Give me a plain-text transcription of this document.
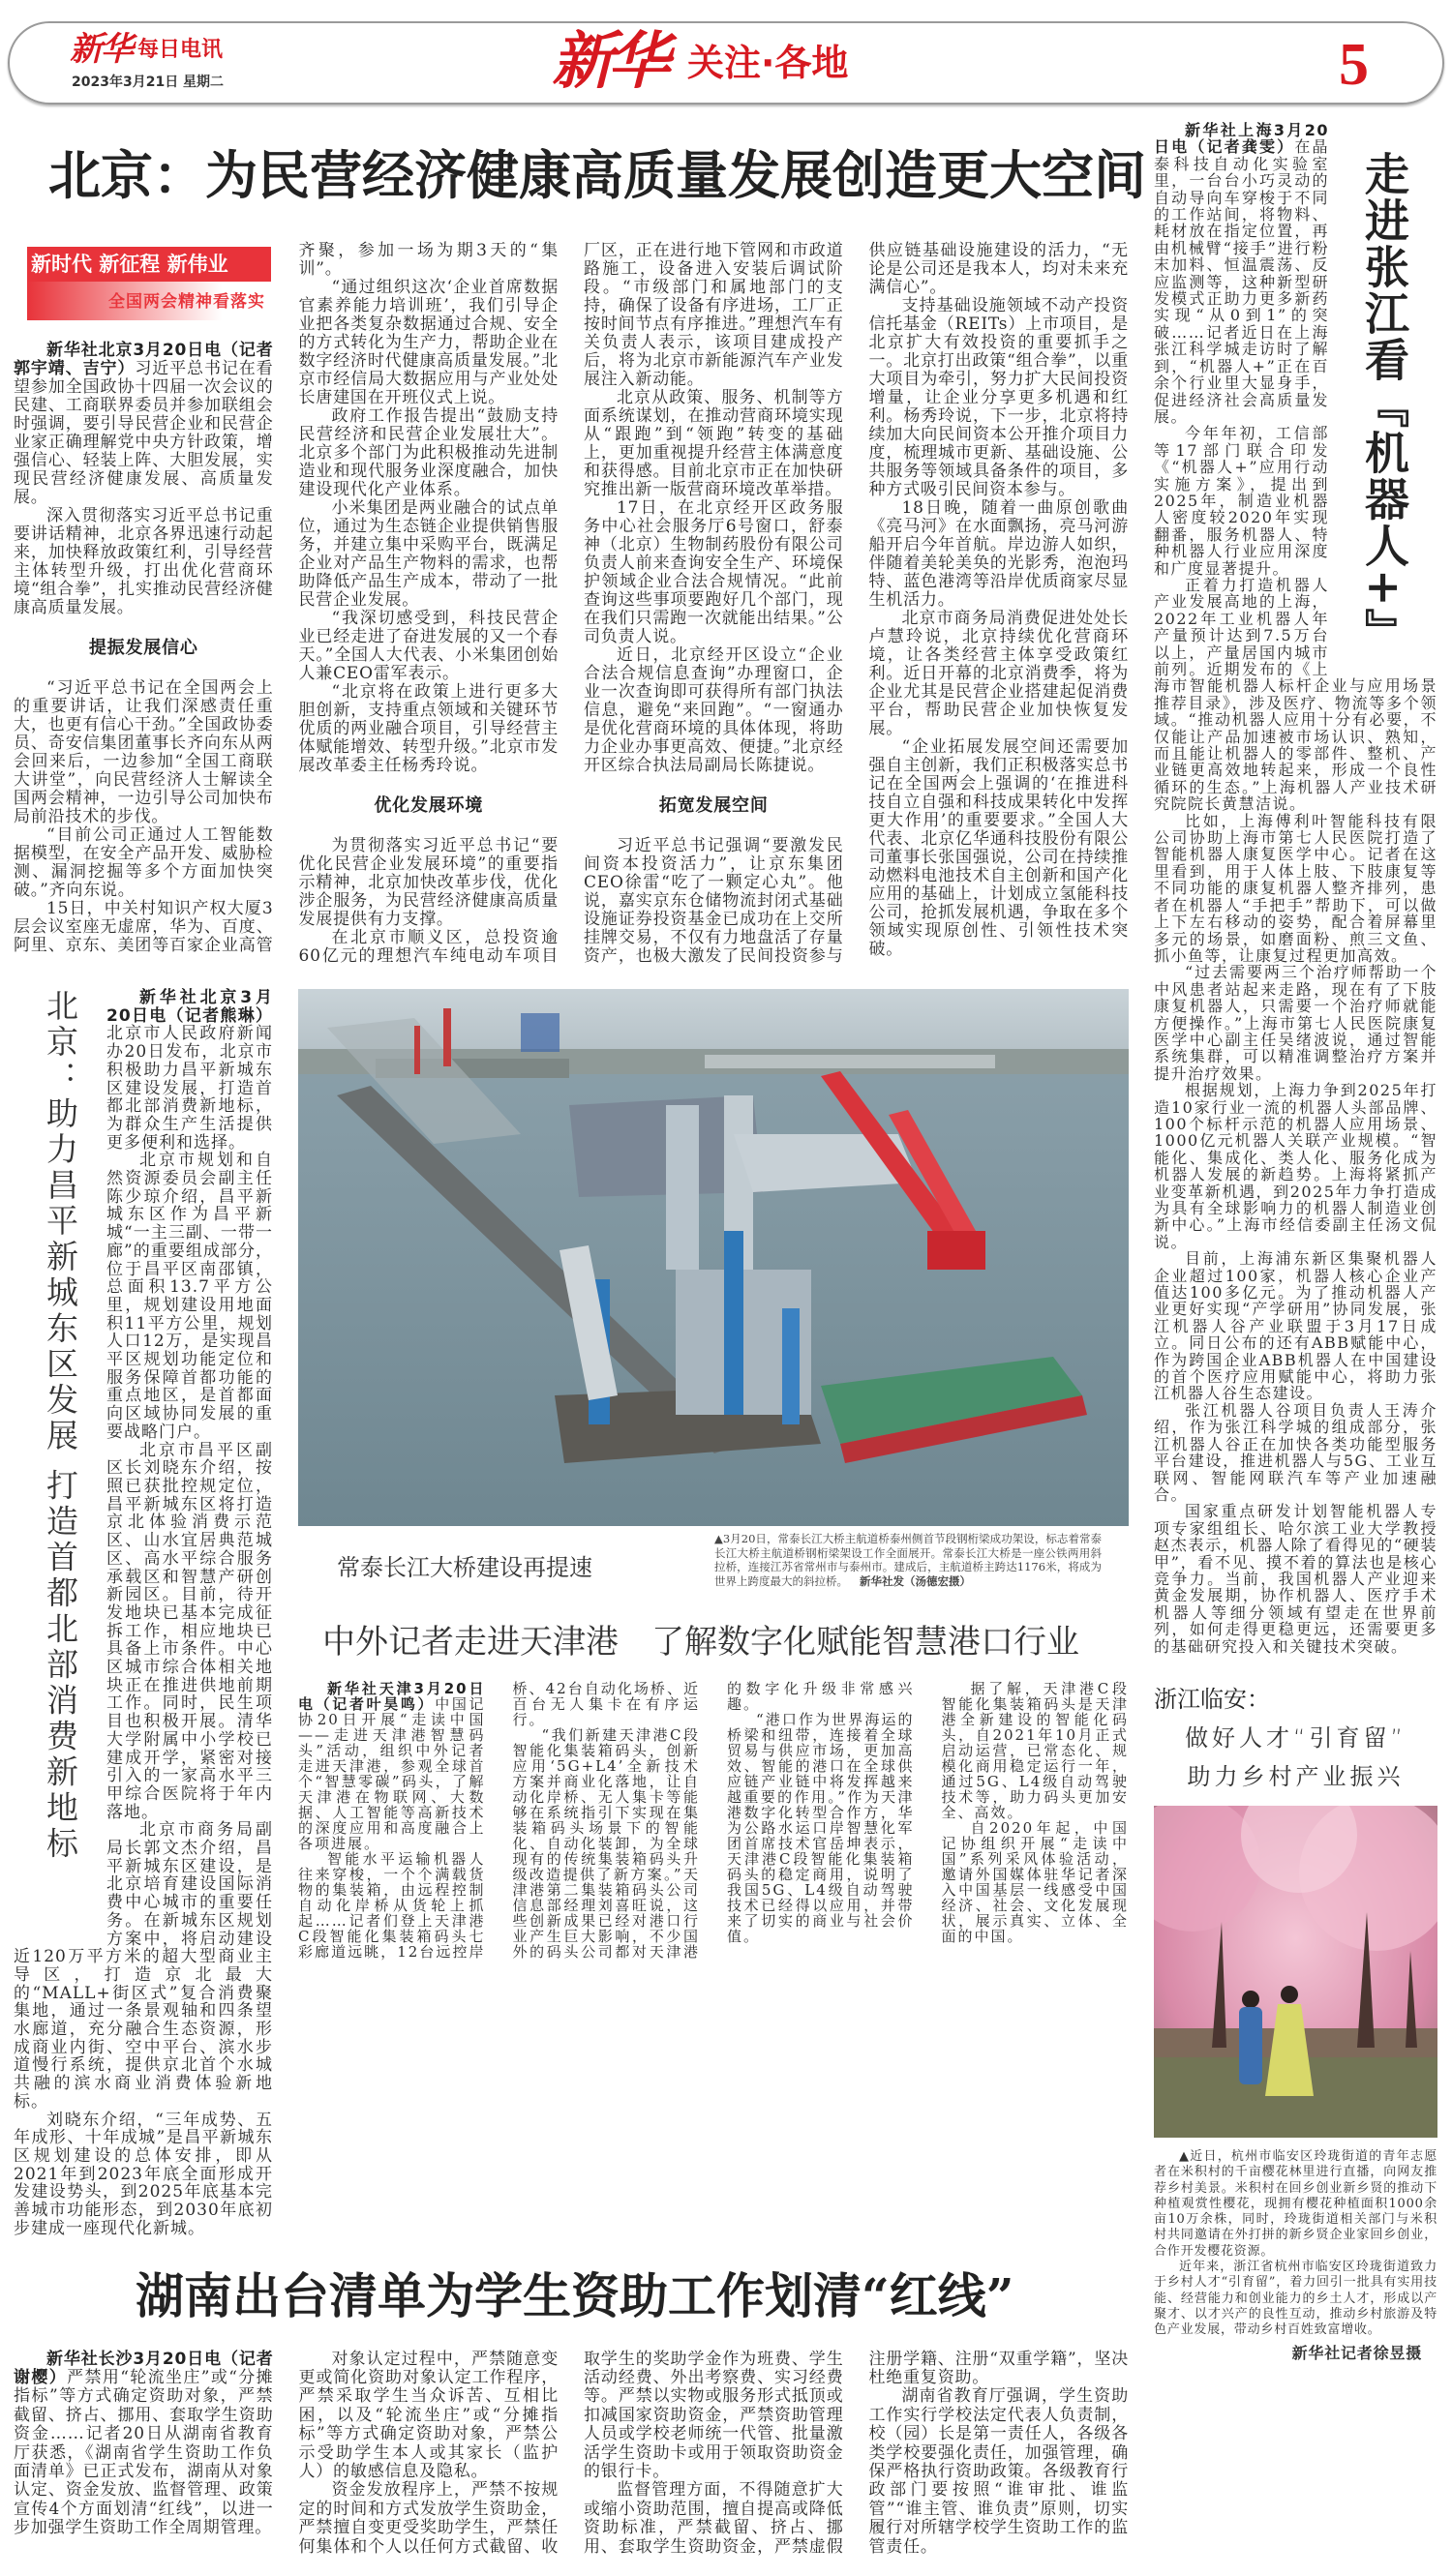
新华 每日电讯
2023年3月21日 星期二	新华 关注·各地	5
北京：为民营经济健康高质量发展创造更大空间
新时代 新征程 新伟业
全国两会精神看落实

新华社北京3月20日电（记者郭宇靖、吉宁）习近平总书记在看望参加全国政协十四届一次会议的民建、工商联界委员并参加联组会时强调，要引导民营企业和民营企业家正确理解党中央方针政策，增强信心、轻装上阵、大胆发展，实现民营经济健康发展、高质量发展。

深入贯彻落实习近平总书记重要讲话精神，北京各界迅速行动起来，加快释放政策红利，引导经营主体转型升级，打出优化营商环境“组合拳”，扎实推动民营经济健康高质量发展。

提振发展信心

“习近平总书记在全国两会上的重要讲话，让我们深感责任重大，也更有信心干劲。”全国政协委员、奇安信集团董事长齐向东从两会回来后，一边参加“全国工商联大讲堂”，向民营经济人士解读全国两会精神，一边引导公司加快布局前沿技术的步伐。

“目前公司正通过人工智能数据模型，在安全产品开发、威胁检测、漏洞挖掘等多个方面加快突破。”齐向东说。

15日，中关村知识产权大厦3层会议室座无虚席，华为、百度、阿里、京东、美团等百家企业高管齐聚，参加一场为期3天的“集训”。

“通过组织这次‘企业首席数据官素养能力培训班’，我们引导企业把各类复杂数据通过合规、安全的方式转化为生产力，帮助企业在数字经济时代健康高质量发展。”北京市经信局大数据应用与产业处处长唐建国在开班仪式上说。

政府工作报告提出“鼓励支持民营经济和民营企业发展壮大”。北京多个部门为此积极推动先进制造业和现代服务业深度融合，加快建设现代化产业体系。

小米集团是两业融合的试点单位，通过为生态链企业提供销售服务，并建立集中采购平台，既满足企业对产品生产物料的需求，也帮助降低产品生产成本，带动了一批民营企业发展。

“我深切感受到，科技民营企业已经走进了奋进发展的又一个春天。”全国人大代表、小米集团创始人兼CEO雷军表示。

“北京将在政策上进行更多大胆创新，支持重点领域和关键环节优质的两业融合项目，引导经营主体赋能增效、转型升级。”北京市发展改革委主任杨秀玲说。

优化发展环境

为贯彻落实习近平总书记“要优化民营企业发展环境”的重要指示精神，北京加快改革步伐，优化涉企服务，为民营经济健康高质量发展提供有力支撑。

在北京市顺义区，总投资逾60亿元的理想汽车纯电动车项目厂区，正在进行地下管网和市政道路施工，设备进入安装后调试阶段。“市级部门和属地部门的支持，确保了设备有序进场，工厂正按时间节点有序推进。”理想汽车有关负责人表示，该项目建成投产后，将为北京市新能源汽车产业发展注入新动能。

北京从政策、服务、机制等方面系统谋划，在推动营商环境实现从“跟跑”到“领跑”转变的基础上，更加重视提升经营主体满意度和获得感。目前北京市正在加快研究推出新一版营商环境改革举措。

17日，在北京经开区政务服务中心社会服务厅6号窗口，舒泰神（北京）生物制药股份有限公司负责人前来查询安全生产、环境保护领域企业合法合规情况。“此前查询这些事项要跑好几个部门，现在我们只需跑一次就能出结果。”公司负责人说。

近日，北京经开区设立“企业合法合规信息查询”办理窗口，企业一次查询即可获得所有部门执法信息，避免“来回跑”。“一窗通办是优化营商环境的具体体现，将助力企业办事更高效、便捷。”北京经开区综合执法局副局长陈捷说。

拓宽发展空间

习近平总书记强调“要激发民间资本投资活力”，让京东集团CEO徐雷“吃了一颗定心丸”。他说，嘉实京东仓储物流封闭式基础设施证券投资基金已成功在上交所挂牌交易，不仅有力地盘活了存量资产，也极大激发了民间投资参与供应链基础设施建设的活力，“无论是公司还是我本人，均对未来充满信心”。

支持基础设施领域不动产投资信托基金（REITs）上市项目，是北京扩大有效投资的重要抓手之一。北京打出政策“组合拳”，以重大项目为牵引，努力扩大民间投资增量，让企业分享更多机遇和红利。杨秀玲说，下一步，北京将持续加大向民间资本公开推介项目力度，梳理城市更新、基础设施、公共服务等领域具备条件的项目，多种方式吸引民间资本参与。

18日晚，随着一曲原创歌曲《亮马河》在水面飘扬，亮马河游船开启今年首航。岸边游人如织，伴随着美轮美奂的光影秀，泡泡玛特、蓝色港湾等沿岸优质商家尽显生机活力。

北京市商务局消费促进处处长卢慧玲说，北京持续优化营商环境，让各类经营主体享受政策红利。近日开幕的北京消费季，将为企业尤其是民营企业搭建起促消费平台，帮助民营企业加快恢复发展。

“企业拓展发展空间还需要加强自主创新，我们正积极落实总书记在全国两会上强调的‘在推进科技自立自强和科技成果转化中发挥更大作用’的重要要求。”全国人大代表、北京亿华通科技股份有限公司董事长张国强说，公司在持续推动燃料电池技术自主创新和国产化应用的基础上，计划成立氢能科技公司，抢抓发展机遇，争取在多个领域实现原创性、引领性技术突破。

北京：助力昌平新城东区发展 打造首都北部消费新地标	新华社北京3月20日电（记者熊琳）北京市人民政府新闻办20日发布，北京市积极助力昌平新城东区建设发展，打造首都北部消费新地标，为群众生产生活提供更多便利和选择。

北京市规划和自然资源委员会副主任陈少琼介绍，昌平新城东区作为昌平新城“一主三副、一带一廊”的重要组成部分，位于昌平区南邵镇，总面积13.7平方公里，规划建设用地面积11平方公里，规划人口12万，是实现昌平区规划功能定位和服务保障首都功能的重点地区，是首都面向区域协同发展的重要战略门户。

北京市昌平区副区长刘晓东介绍，按照已获批控规定位，昌平新城东区将打造京北体验消费示范区、山水宜居典范城区、高水平综合服务承载区和智慧产研创新园区。目前，待开发地块已基本完成征拆工作，相应地块已具备上市条件。中心区城市综合体相关地块正在推进供地前期工作。同时，民生项目也积极开展。清华大学附属中小学校已建成开学，紧密对接引入的一家高水平三甲综合医院将于年内落地。

北京市商务局副局长郭文杰介绍，昌平新城东区建设，是北京培育建设国际消费中心城市的重要任务。在新城东区规划方案中，将启动建设近120万平方米的超大型商业主导区，打造京北最大的“MALL+街区式”复合消费聚集地，通过一条景观轴和四条望水廊道，充分融合生态资源，形成商业内街、空中平台、滨水步道慢行系统，提供京北首个水城共融的滨水商业消费体验新地标。

刘晓东介绍，“三年成势、五年成形、十年成城”是昌平新城东区规划建设的总体安排，即从2021年到2023年底全面形成开发建设势头，到2025年底基本完善城市功能形态，到2030年底初步建成一座现代化新城。

常泰长江大桥建设再提速
▲3月20日，常泰长江大桥主航道桥泰州侧首节段钢桁梁成功架设，标志着常泰长江大桥主航道桥钢桁梁架设工作全面展开。常泰长江大桥是一座公铁两用斜拉桥，连接江苏省常州市与泰州市。建成后，主航道桥主跨达1176米，将成为世界上跨度最大的斜拉桥。 新华社发（汤德宏摄）
中外记者走进天津港　了解数字化赋能智慧港口行业

新华社天津3月20日电（记者叶昊鸣）中国记协20日开展“走读中国——走进天津港智慧码头”活动，组织中外记者走进天津港，参观全球首个“智慧零碳”码头，了解天津港在物联网、大数据、人工智能等高新技术的深度应用和高度融合上各项进展。

智能水平运输机器人往来穿梭，一个个满载货物的集装箱，由远程控制自动化岸桥从货轮上抓起……记者们登上天津港C段智能化集装箱码头七彩廊道远眺，12台远控岸桥、42台自动化场桥、近百台无人集卡在有序运行。

“我们新建天津港C段智能化集装箱码头，创新应用‘5G+L4’全新技术方案并商业化落地，让自动化岸桥、无人集卡等能够在系统指引下实现在集装箱码头场景下的智能化、自动化装卸，为全球现有的传统集装箱码头升级改造提供了新方案。”天津港第二集装箱码头公司信息部经理刘喜旺说，这些创新成果已经对港口行业产生巨大影响，不少国外的码头公司都对天津港的数字化升级非常感兴趣。

“港口作为世界海运的桥梁和纽带，连接着全球贸易与供应市场，更加高效、智能的港口在全球供应链产业链中将发挥越来越重要的作用。”作为天津港数字化转型合作方，华为公路水运口岸智慧化军团首席技术官岳坤表示，天津港C段智能化集装箱码头的稳定商用，说明了我国5G、L4级自动驾驶技术已经得以应用，并带来了切实的商业与社会价值。

据了解，天津港C段智能化集装箱码头是天津港全新建设的智能化码头，自2021年10月正式启动运营，已常态化、规模化商用稳定运行一年，通过5G、L4级自动驾驶技术等，助力码头更加安全、高效。

自2020年起，中国记协组织开展“走读中国”系列采风体验活动，邀请外国媒体驻华记者深入中国基层一线感受中国经济、社会、文化发展现状，展示真实、立体、全面的中国。

湖南出台清单为学生资助工作划清“红线”

新华社长沙3月20日电（记者谢樱）严禁用“轮流坐庄”或“分摊指标”等方式确定资助对象，严禁截留、挤占、挪用、套取学生资助资金……记者20日从湖南省教育厅获悉，《湖南省学生资助工作负面清单》已正式发布，湖南从对象认定、资金发放、监督管理、政策宣传4个方面划清“红线”，以进一步加强学生资助工作全周期管理。

对象认定过程中，严禁随意变更或简化资助对象认定工作程序，严禁采取学生当众诉苦、互相比困，以及“轮流坐庄”或“分摊指标”等方式确定资助对象，严禁公示受助学生本人或其家长（监护人）的敏感信息及隐私。

资金发放程序上，严禁不按规定的时间和方式发放学生资助金，严禁擅自变更受奖助学生，严禁任何集体和个人以任何方式截留、收取学生的奖助学金作为班费、学生活动经费、外出考察费、实习经费等。严禁以实物或服务形式抵顶或扣减国家资助资金，严禁资助管理人员或学校老师统一代管、批量激活学生资助卡或用于领取资助资金的银行卡。

监督管理方面，不得随意扩大或缩小资助范围，擅自提高或降低资助标准，严禁截留、挤占、挪用、套取学生资助资金，严禁虚假注册学籍、注册“双重学籍”，坚决杜绝重复资助。

湖南省教育厅强调，学生资助工作实行学校法定代表人负责制，校（园）长是第一责任人，各级各类学校要强化责任，加强管理，确保严格执行资助政策。各级教育行政部门要按照“谁审批、谁监管”“谁主管、谁负责”原则，切实履行对所辖学校学生资助工作的监管责任。

走进张江看『机器人+』

新华社上海3月20日电（记者龚雯）在晶泰科技自动化实验室里，一台台小巧灵动的自动导向车穿梭于不同的工作站间，将物料、耗材放在指定位置，再由机械臂“接手”进行粉末加料、恒温震荡、反应监测等，这种新型研发模式正助力更多新药实现“从0到1”的突破……记者近日在上海张江科学城走访时了解到，“机器人+”正在百余个行业里大显身手，促进经济社会高质量发展。

今年年初，工信部等17部门联合印发《“机器人+”应用行动实施方案》，提出到2025年，制造业机器人密度较2020年实现翻番，服务机器人、特种机器人行业应用深度和广度显著提升。

正着力打造机器人产业发展高地的上海，2022年工业机器人年产量预计达到7.5万台以上，产量居国内城市前列。近期发布的《上海市智能机器人标杆企业与应用场景推荐目录》，涉及医疗、物流等多个领域。“推动机器人应用十分有必要，不仅能让产品加速被市场认识、熟知，而且能让机器人的零部件、整机、产业链更高效地转起来，形成一个良性循环的生态。”上海机器人产业技术研究院院长黄慧洁说。

比如，上海傅利叶智能科技有限公司协助上海市第七人民医院打造了智能机器人康复医学中心。记者在这里看到，用于人体上肢、下肢康复等不同功能的康复机器人整齐排列，患者在机器人“手把手”帮助下，可以做上下左右移动的姿势，配合着屏幕里多元的场景，如磨面粉、煎三文鱼、抓小鱼等，让康复过程更加高效。

“过去需要两三个治疗师帮助一个中风患者站起来走路，现在有了下肢康复机器人，只需要一个治疗师就能方便操作。”上海市第七人民医院康复医学中心副主任吴绪波说，通过智能系统集群，可以精准调整治疗方案并提升治疗效果。

根据规划，上海力争到2025年打造10家行业一流的机器人头部品牌、100个标杆示范的机器人应用场景、1000亿元机器人关联产业规模。“智能化、集成化、类人化、服务化成为机器人发展的新趋势。上海将紧抓产业变革新机遇，到2025年力争打造成为具有全球影响力的机器人制造业创新中心。”上海市经信委副主任汤文侃说。

目前，上海浦东新区集聚机器人企业超过100家，机器人核心企业产值达100多亿元。为了推动机器人产业更好实现“产学研用”协同发展，张江机器人谷产业联盟于3月17日成立。同日公布的还有ABB赋能中心，作为跨国企业ABB机器人在中国建设的首个医疗应用赋能中心，将助力张江机器人谷生态建设。

张江机器人谷项目负责人王涛介绍，作为张江科学城的组成部分，张江机器人谷正在加快各类功能型服务平台建设，推进机器人与5G、工业互联网、智能网联汽车等产业加速融合。

国家重点研发计划智能机器人专项专家组组长、哈尔滨工业大学教授赵杰表示，机器人除了看得见的“硬装甲”，看不见、摸不着的算法也是核心竞争力。当前，我国机器人产业迎来黄金发展期，协作机器人、医疗手术机器人等细分领域有望走在世界前列，如何走得更稳更远，还需要更多的基础研究投入和关键技术突破。

浙江临安：
做好人才“引育留”
助力乡村产业振兴

▲近日，杭州市临安区玲珑街道的青年志愿者在米积村的千亩樱花林里进行直播，向网友推荐乡村美景。米积村在回乡创业新乡贤的推动下种植观赏性樱花，现拥有樱花种植面积1000余亩10万余株，同时，玲珑街道相关部门与米积村共同邀请在外打拼的新乡贤企业家回乡创业，合作开发樱花资源。

近年来，浙江省杭州市临安区玲珑街道致力于乡村人才“引育留”，着力回引一批具有实用技能、经营能力和创业能力的乡土人才，形成以产聚才、以才兴产的良性互动，推动乡村旅游及特色产业发展，带动乡村百姓致富增收。

新华社记者徐昱摄
